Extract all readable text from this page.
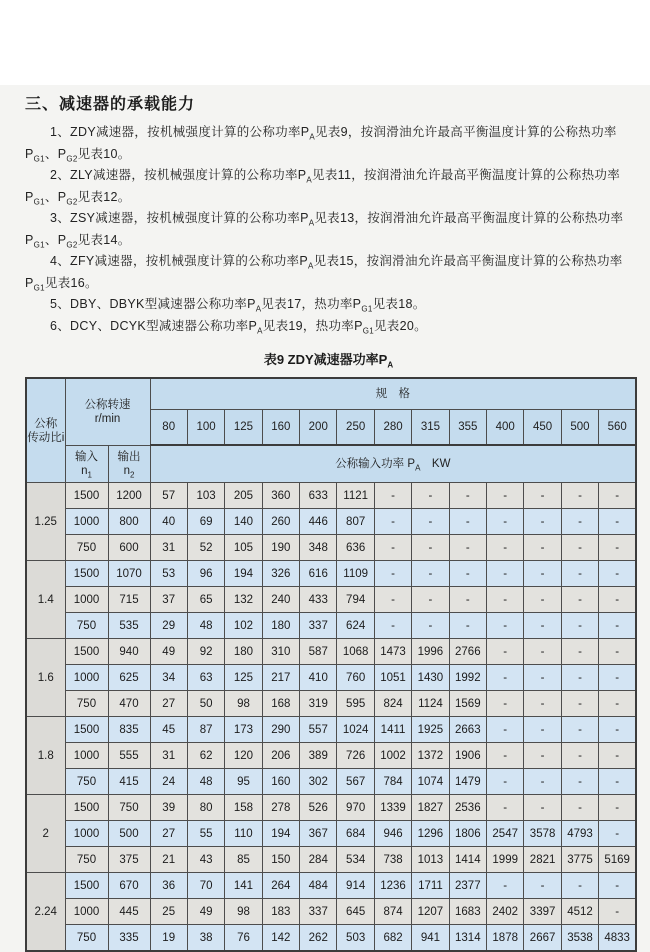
三、减速器的承载能力

1、ZDY减速器，按机械强度计算的公称功率$P_A$见表9，按润滑油允许最高平衡温度计算的公称热功率$P_{G1}$、$P_{G2}$见表10。

2、ZLY减速器，按机械强度计算的公称功率$P_A$见表11，按润滑油允许最高平衡温度计算的公称热功率$P_{G1}$、$P_{G2}$见表12。

3、ZSY减速器，按机械强度计算的公称功率$P_A$见表13，按润滑油允许最高平衡温度计算的公称热功率$P_{G1}$、$P_{G2}$见表14。

4、ZFY减速器，按机械强度计算的公称功率$P_A$见表15，按润滑油允许最高平衡温度计算的公称热功率$P_{G1}$见表16。

5、DBY、DBYK型减速器公称功率$P_A$见表17，热功率$P_{G1}$见表18。

6、DCY、DCYK型减速器公称功率$P_A$见表19，热功率$P_{G1}$见表20。

表9 ZDY减速器功率$P_A$
公称
传动比i	公称转速
r/min		规　格												
			80	100	125	160	200	250	280	315	355	400	450	500	560
	输入
$n_1$	输出
$n_2$	公称输入功率 $P_A$　KW												
1.25	1500	1200	57	103	205	360	633	1121	-	-	-	-	-	-	-
	1000	800	40	69	140	260	446	807	-	-	-	-	-	-	-
	750	600	31	52	105	190	348	636	-	-	-	-	-	-	-
1.4	1500	1070	53	96	194	326	616	1109	-	-	-	-	-	-	-
	1000	715	37	65	132	240	433	794	-	-	-	-	-	-	-
	750	535	29	48	102	180	337	624	-	-	-	-	-	-	-
1.6	1500	940	49	92	180	310	587	1068	1473	1996	2766	-	-	-	-
	1000	625	34	63	125	217	410	760	1051	1430	1992	-	-	-	-
	750	470	27	50	98	168	319	595	824	1124	1569	-	-	-	-
1.8	1500	835	45	87	173	290	557	1024	1411	1925	2663	-	-	-	-
	1000	555	31	62	120	206	389	726	1002	1372	1906	-	-	-	-
	750	415	24	48	95	160	302	567	784	1074	1479	-	-	-	-
2	1500	750	39	80	158	278	526	970	1339	1827	2536	-	-	-	-
	1000	500	27	55	110	194	367	684	946	1296	1806	2547	3578	4793	-
	750	375	21	43	85	150	284	534	738	1013	1414	1999	2821	3775	5169
2.24	1500	670	36	70	141	264	484	914	1236	1711	2377	-	-	-	-
	1000	445	25	49	98	183	337	645	874	1207	1683	2402	3397	4512	-
	750	335	19	38	76	142	262	503	682	941	1314	1878	2667	3538	4833
